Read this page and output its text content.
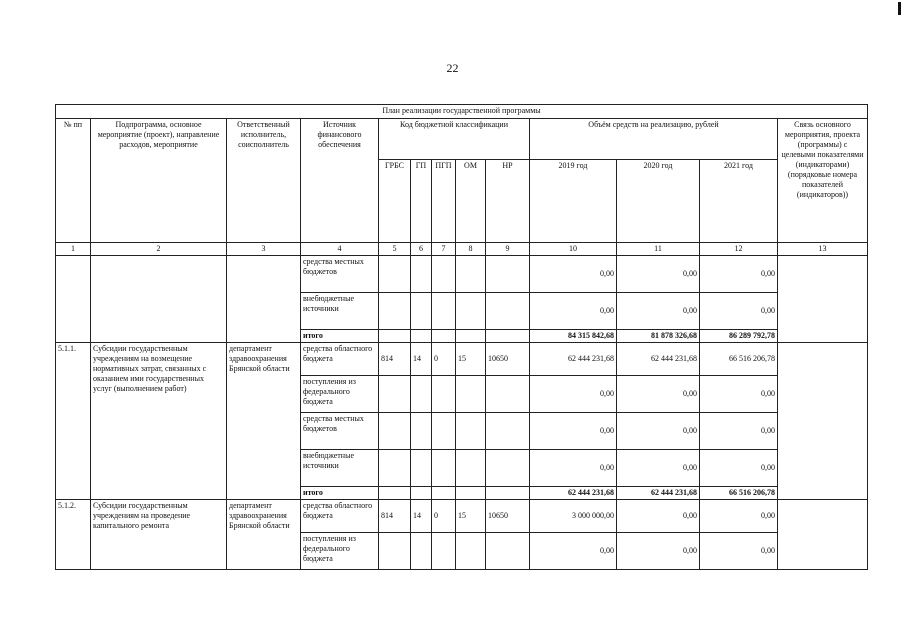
22
План реализации государственной программы												
№ пп	Подпрограмма, основное мероприятие (проект), направление расходов, мероприятие	Ответственный исполнитель, соисполнитель	Источник финансового обеспечения	Код бюджетной классификации					Объём средств на реализацию, рублей			Связь основного мероприятия, проекта (программы) с целевыми показателями (индикаторами) (порядковые номера показателей (индикаторов))
				ГРБС	ГП	ПГП	ОМ	НР	2019 год	2020 год	2021 год	
1	2	3	4	5	6	7	8	9	10	11	12	13
			средства местных бюджетов						0,00	0,00	0,00	
			внебюджетные источники						0,00	0,00	0,00	
			итого						84 315 842,68	81 878 326,68	86 289 792,78	
5.1.1.	Субсидии государственным учреждениям на возмещение нормативных затрат, связанных с оказанием ими государственных услуг (выполнением работ)	департамент здравоохранения Брянской области	средства областного бюджета	814	14	0	15	10650	62 444 231,68	62 444 231,68	66 516 206,78	
			поступления из федерального бюджета						0,00	0,00	0,00	
			средства местных бюджетов						0,00	0,00	0,00	
			внебюджетные источники						0,00	0,00	0,00	
			итого						62 444 231,68	62 444 231,68	66 516 206,78	
5.1.2.	Субсидии государственным учреждениям на проведение капитального ремонта	департамент здравоохранения Брянской области	средства областного бюджета	814	14	0	15	10650	3 000 000,00	0,00	0,00	
			поступления из федерального бюджета						0,00	0,00	0,00	
